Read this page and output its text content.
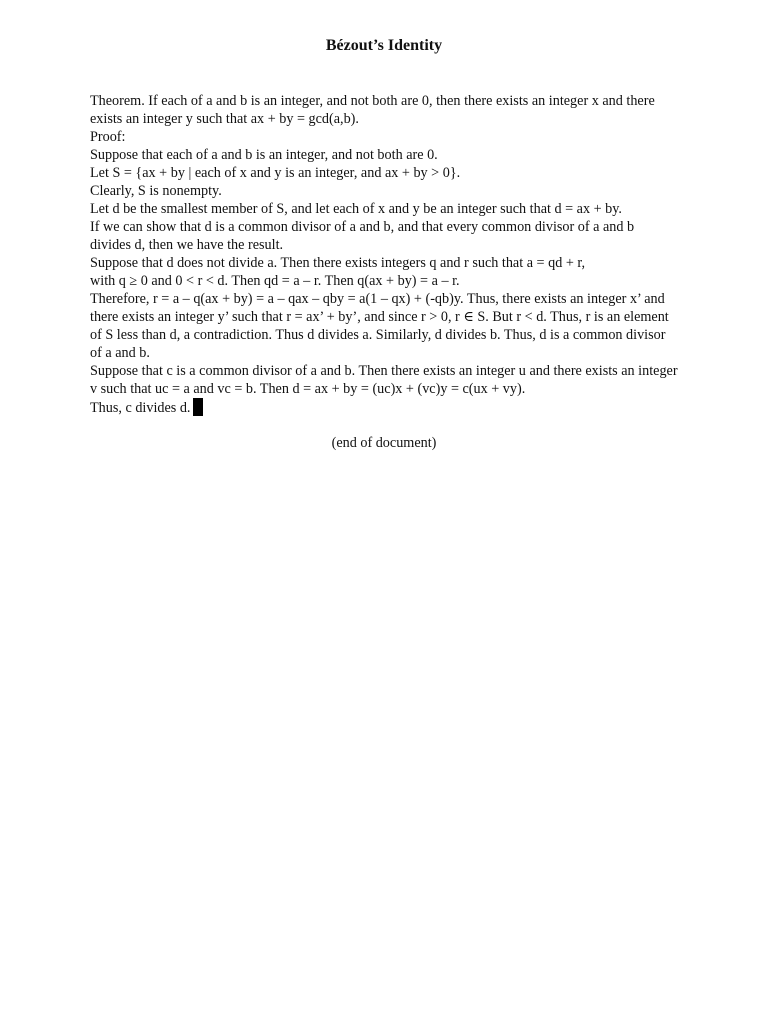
Bézout’s Identity

Theorem. If each of a and b is an integer, and not both are 0, then there exists an integer x and there exists an integer y such that ax + by = gcd(a,b).

Proof:

Suppose that each of a and b is an integer, and not both are 0.

Let S = {ax + by | each of x and y is an integer, and ax + by > 0}.

Clearly, S is nonempty.

Let d be the smallest member of S, and let each of x and y be an integer such that d = ax + by.

If we can show that d is a common divisor of a and b, and that every common divisor of a and b divides d, then we have the result.

Suppose that d does not divide a. Then there exists integers q and r such that a = qd + r,

with q ≥ 0 and 0 < r < d. Then qd = a – r. Then q(ax + by) = a – r.

Therefore, r = a – q(ax + by) = a – qax – qby = a(1 – qx) + (-qb)y. Thus, there exists an integer x’ and there exists an integer y’ such that r = ax’ + by’, and since r > 0, r ∈ S. But r < d. Thus, r is an element of S less than d, a contradiction. Thus d divides a. Similarly, d divides b. Thus, d is a common divisor of a and b.

Suppose that c is a common divisor of a and b. Then there exists an integer u and there exists an integer v such that uc = a and vc = b. Then d = ax + by = (uc)x + (vc)y = c(ux + vy).

Thus, c divides d.

(end of document)
